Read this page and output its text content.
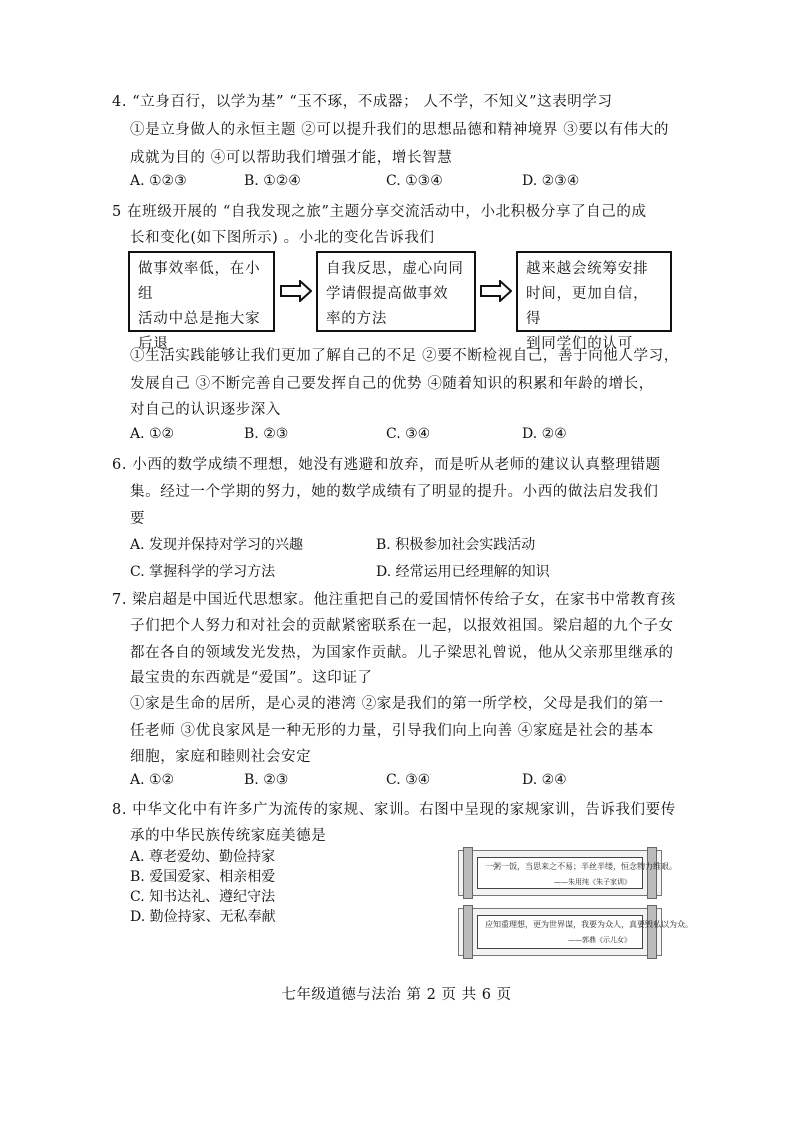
4. “立身百行，以学为基” “玉不琢，不成器； 人不学，不知义”这表明学习
①是立身做人的永恒主题 ②可以提升我们的思想品德和精神境界 ③要以有伟大的
成就为目的 ④可以帮助我们增强才能，增长智慧
A. ①②③	B. ①②④	C. ①③④	D. ②③④
5 在班级开展的 “自我发现之旅”主题分享交流活动中，小北积极分享了自己的成
长和变化(如下图所示) 。小北的变化告诉我们
做事效率低，在小组
活动中总是拖大家
后退
自我反思，虚心向同
学请假提高做事效
率的方法
越来越会统筹安排
时间，更加自信，得
到同学们的认可
①生活实践能够让我们更加了解自己的不足 ②要不断检视自己，善于向他人学习，
发展自己 ③不断完善自己要发挥自己的优势 ④随着知识的积累和年龄的增长，
对自己的认识逐步深入
A. ①②	B. ②③	C. ③④	D. ②④
6. 小西的数学成绩不理想，她没有逃避和放弃，而是听从老师的建议认真整理错题
集。经过一个学期的努力，她的数学成绩有了明显的提升。小西的做法启发我们
要
A. 发现并保持对学习的兴趣	B. 积极参加社会实践活动
C. 掌握科学的学习方法	D. 经常运用已经理解的知识
7. 梁启超是中国近代思想家。他注重把自己的爱国情怀传给子女，在家书中常教育孩
子们把个人努力和对社会的贡献紧密联系在一起，以报效祖国。梁启超的九个子女
都在各自的领域发光发热，为国家作贡献。儿子梁思礼曾说，他从父亲那里继承的
最宝贵的东西就是“爱国”。这印证了
①家是生命的居所，是心灵的港湾 ②家是我们的第一所学校，父母是我们的第一
任老师 ③优良家风是一种无形的力量，引导我们向上向善 ④家庭是社会的基本
细胞，家庭和睦则社会安定
A. ①②	B. ②③	C. ③④	D. ②④
8. 中华文化中有许多广为流传的家规、家训。右图中呈现的家规家训，告诉我们要传
承的中华民族传统家庭美德是
A. 尊老爱幼、勤俭持家
B. 爱国爱家、相亲相爱
C. 知书达礼、遵纪守法
D. 勤俭持家、无私奉献
一粥一饭，当思来之不易；半丝半缕，恒念物力维艰。
——朱用纯《朱子家训》
应知重理想，更为世界谋，我要为众人，真要毁私以为众。
——郭鼎《示儿女》
七年级道德与法治 第 2 页 共 6 页
